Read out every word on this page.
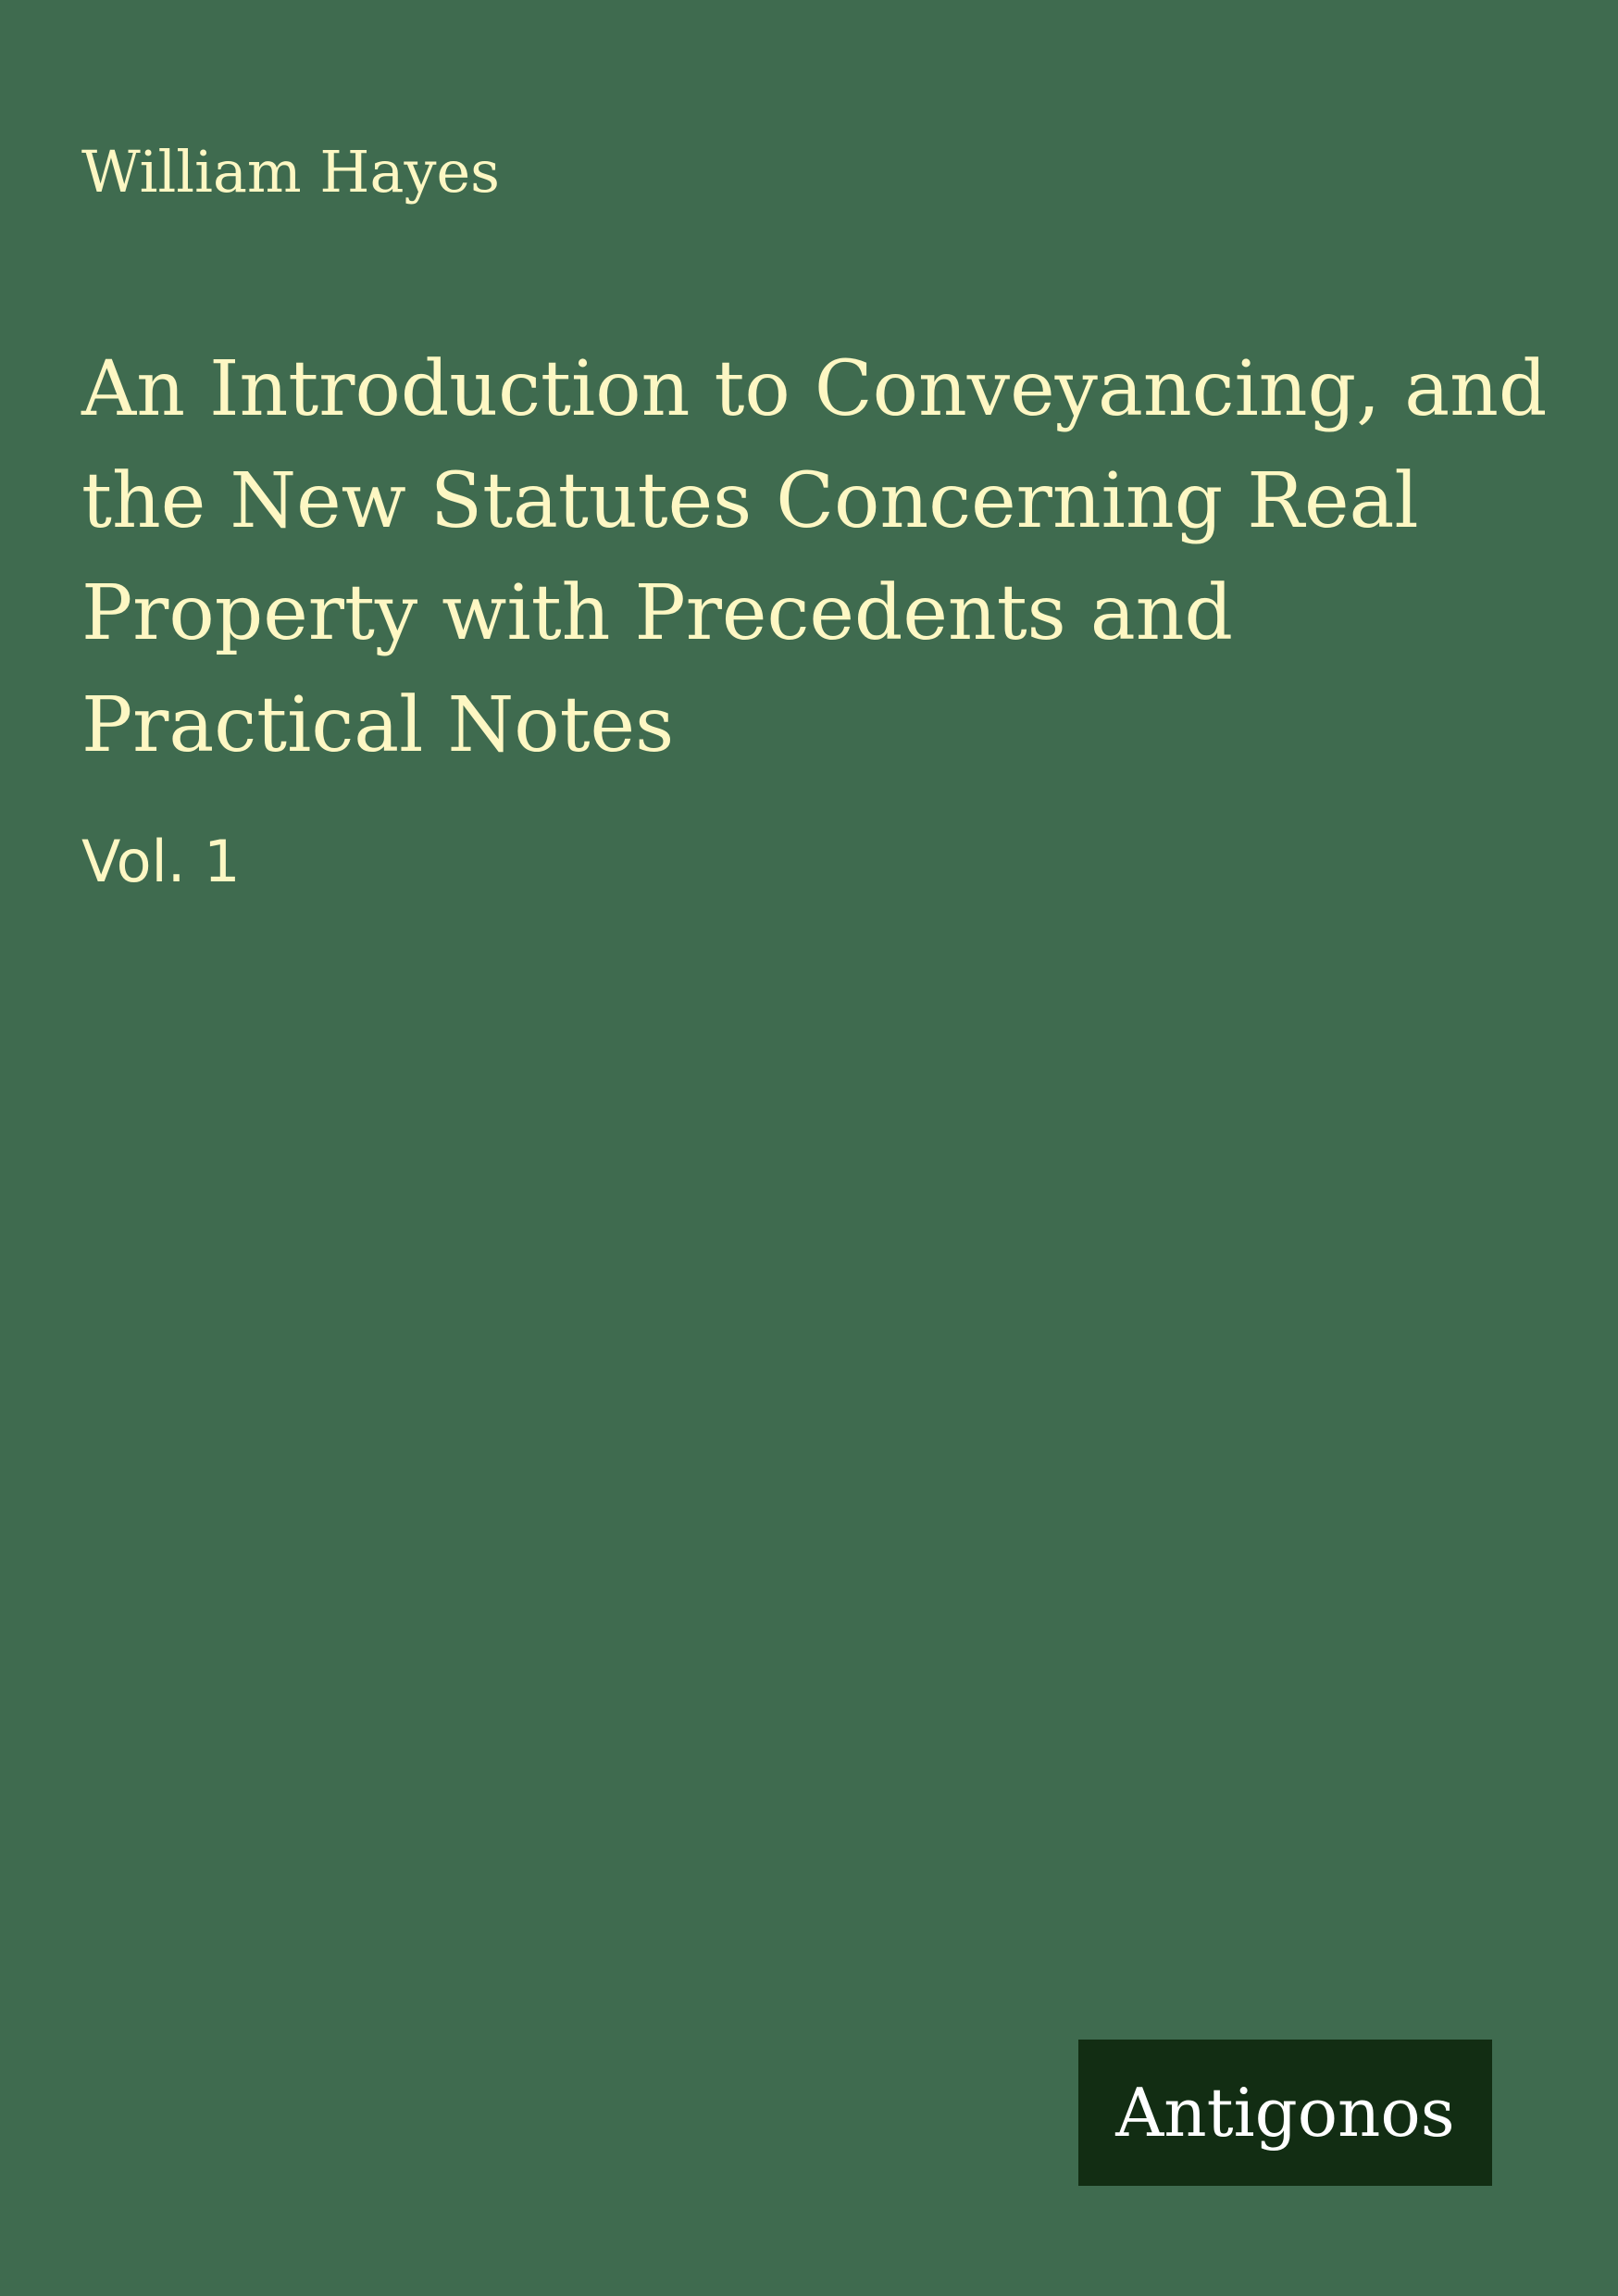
William Hayes

An Introduction to Conveyancing, and the New Statutes Concerning Real Property with Precedents and Practical Notes

Vol. 1

Antigonos
